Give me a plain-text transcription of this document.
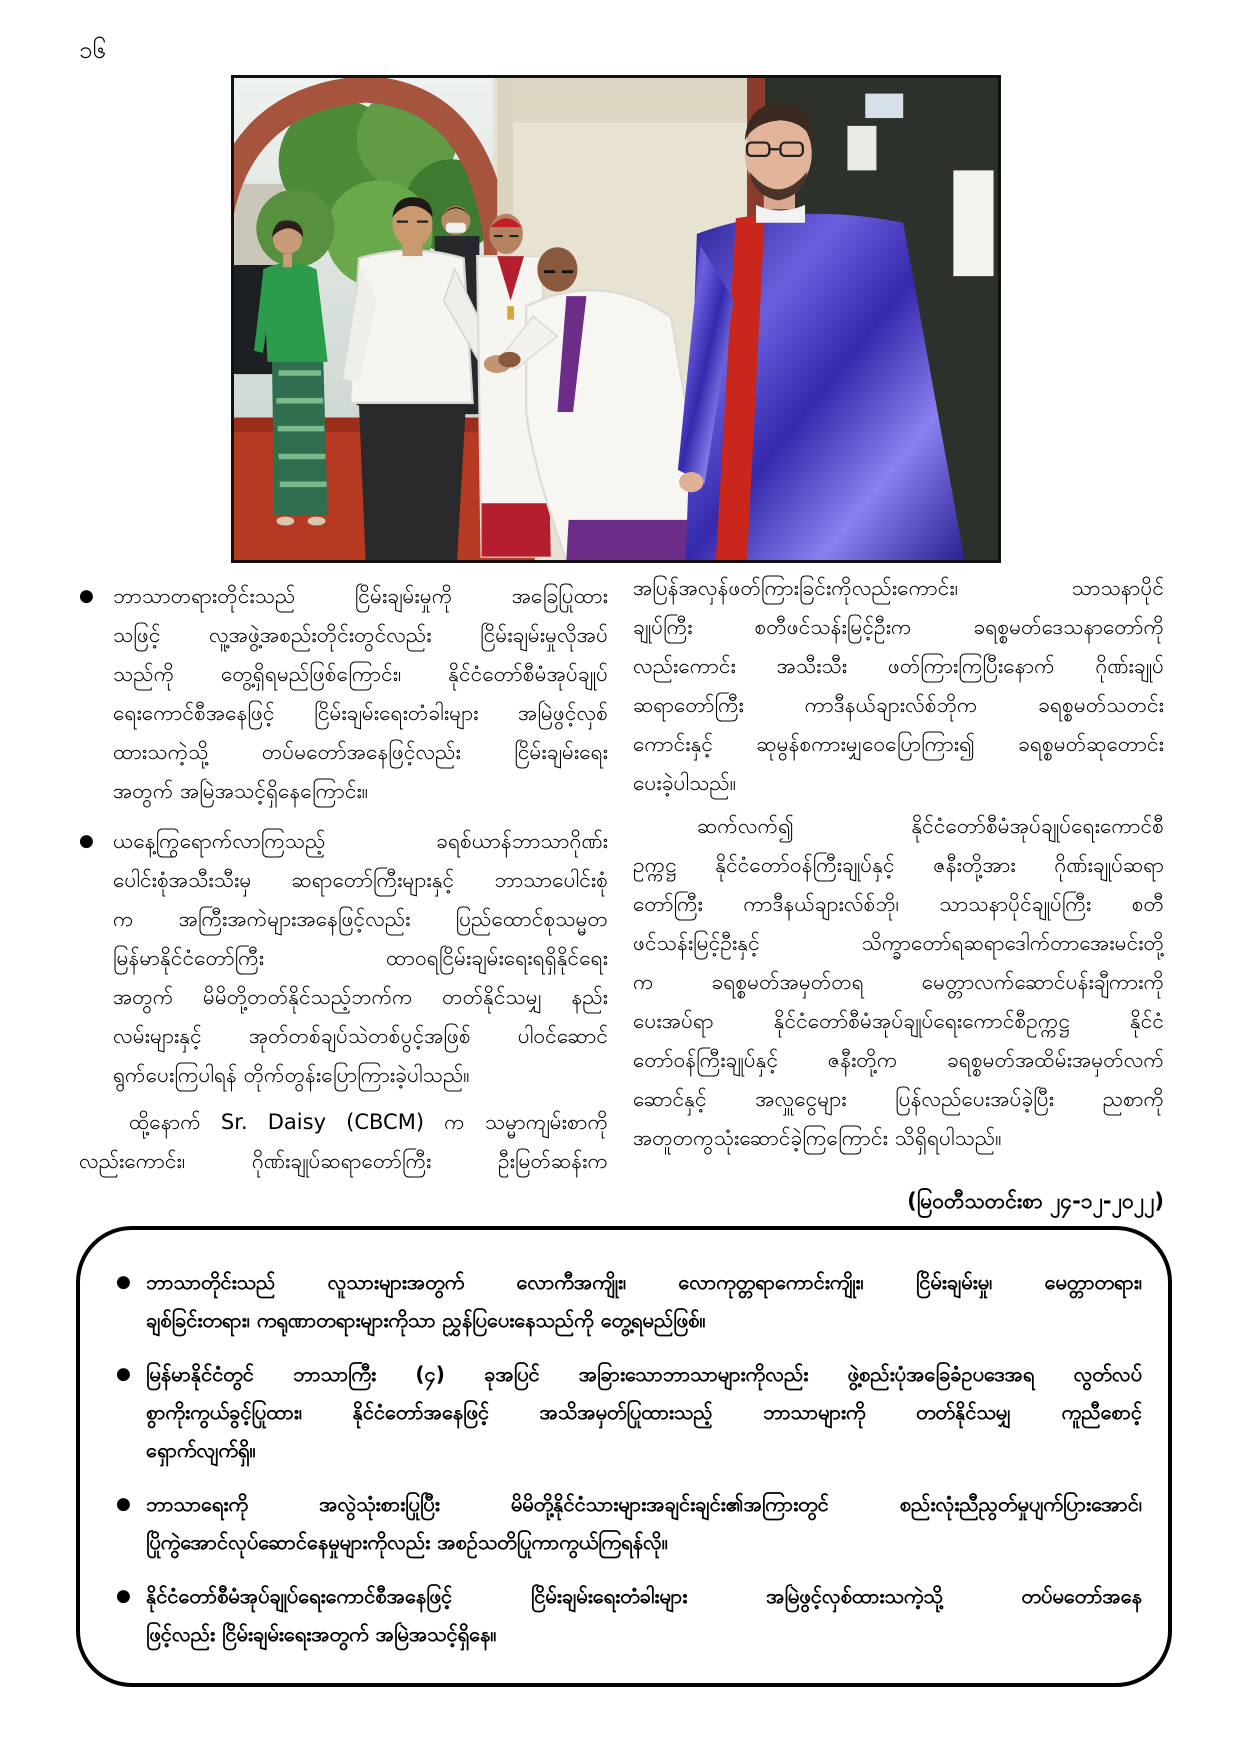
၁၆
● ဘာသာတရားတိုင်းသည် ငြိမ်းချမ်းမှုကို အခြေပြုထား
သဖြင့် လူ့အဖွဲ့အစည်းတိုင်းတွင်လည်း ငြိမ်းချမ်းမှုလိုအပ်
သည်ကို တွေ့ရှိရမည်ဖြစ်ကြောင်း၊ နိုင်ငံတော်စီမံအုပ်ချုပ်
ရေးကောင်စီအနေဖြင့် ငြိမ်းချမ်းရေးတံခါးများ အမြဲဖွင့်လှစ်
ထားသကဲ့သို့ တပ်မတော်အနေဖြင့်လည်း ငြိမ်းချမ်းရေး
အတွက် အမြဲအသင့်ရှိနေကြောင်း။
● ယနေ့ကြွရောက်လာကြသည့် ခရစ်ယာန်ဘာသာဂိုဏ်း
ပေါင်းစုံအသီးသီးမှ ဆရာတော်ကြီးများနှင့် ဘာသာပေါင်းစုံ
က အကြီးအကဲများအနေဖြင့်လည်း ပြည်ထောင်စုသမ္မတ
မြန်မာနိုင်ငံတော်ကြီး ထာဝရငြိမ်းချမ်းရေးရရှိနိုင်ရေး
အတွက် မိမိတို့တတ်နိုင်သည့်ဘက်က တတ်နိုင်သမျှ နည်း
လမ်းများနှင့် အုတ်တစ်ချပ်သဲတစ်ပွင့်အဖြစ် ပါဝင်ဆောင်
ရွက်ပေးကြပါရန် တိုက်တွန်းပြောကြားခဲ့ပါသည်။
ထို့နောက် Sr. Daisy (CBCM) က သမ္မာကျမ်းစာကို
လည်းကောင်း၊ ဂိုဏ်းချုပ်ဆရာတော်ကြီး ဦးမြတ်ဆန်းက
အပြန်အလှန်ဖတ်ကြားခြင်းကိုလည်းကောင်း၊ သာသနာပိုင်
ချုပ်ကြီး စတီဖင်သန်းမြင့်ဦးက ခရစ္စမတ်ဒေသနာတော်ကို
လည်းကောင်း အသီးသီး ဖတ်ကြားကြပြီးနောက် ဂိုဏ်းချုပ်
ဆရာတော်ကြီး ကာဒီနယ်ချားလ်စ်ဘိုက ခရစ္စမတ်သတင်း
ကောင်းနှင့် ဆုမွန်စကားမျှဝေပြောကြား၍ ခရစ္စမတ်ဆုတောင်း
ပေးခဲ့ပါသည်။
ဆက်လက်၍ နိုင်ငံတော်စီမံအုပ်ချုပ်ရေးကောင်စီ
ဥက္ကဋ္ဌ နိုင်ငံတော်ဝန်ကြီးချုပ်နှင့် ဇနီးတို့အား ဂိုဏ်းချုပ်ဆရာ
တော်ကြီး ကာဒီနယ်ချားလ်စ်ဘို၊ သာသနာပိုင်ချုပ်ကြီး စတီ
ဖင်သန်းမြင့်ဦးနှင့် သိက္ခာတော်ရဆရာဒေါက်တာအေးမင်းတို့
က ခရစ္စမတ်အမှတ်တရ မေတ္တာလက်ဆောင်ပန်းချီကားကို
ပေးအပ်ရာ နိုင်ငံတော်စီမံအုပ်ချုပ်ရေးကောင်စီဥက္ကဋ္ဌ နိုင်ငံ
တော်ဝန်ကြီးချုပ်နှင့် ဇနီးတို့က ခရစ္စမတ်အထိမ်းအမှတ်လက်
ဆောင်နှင့် အလှူငွေများ ပြန်လည်ပေးအပ်ခဲ့ပြီး ညစာကို
အတူတကွသုံးဆောင်ခဲ့ကြကြောင်း သိရှိရပါသည်။
(မြဝတီသတင်းစာ ၂၄-၁၂-၂၀၂၂)
● ဘာသာတိုင်းသည် လူသားများအတွက် လောကီအကျိုး၊ လောကုတ္တရာကောင်းကျိုး၊ ငြိမ်းချမ်းမှု၊ မေတ္တာတရား၊
ချစ်ခြင်းတရား၊ ကရုဏာတရားများကိုသာ ညွှန်ပြပေးနေသည်ကို တွေ့ရမည်ဖြစ်။
● မြန်မာနိုင်ငံတွင် ဘာသာကြီး (၄) ခုအပြင် အခြားသောဘာသာများကိုလည်း ဖွဲ့စည်းပုံအခြေခံဥပဒေအရ လွတ်လပ်
စွာကိုးကွယ်ခွင့်ပြုထား၊ နိုင်ငံတော်အနေဖြင့် အသိအမှတ်ပြုထားသည့် ဘာသာများကို တတ်နိုင်သမျှ ကူညီစောင့်
ရှောက်လျက်ရှိ။
● ဘာသာရေးကို အလွဲသုံးစားပြုပြီး မိမိတို့နိုင်ငံသားများအချင်းချင်း၏အကြားတွင် စည်းလုံးညီညွတ်မှုပျက်ပြားအောင်၊
ပြိုကွဲအောင်လုပ်ဆောင်နေမှုများကိုလည်း အစဉ်သတိပြုကာကွယ်ကြရန်လို။
● နိုင်ငံတော်စီမံအုပ်ချုပ်ရေးကောင်စီအနေဖြင့် ငြိမ်းချမ်းရေးတံခါးများ အမြဲဖွင့်လှစ်ထားသကဲ့သို့ တပ်မတော်အနေ
ဖြင့်လည်း ငြိမ်းချမ်းရေးအတွက် အမြဲအသင့်ရှိနေ။
